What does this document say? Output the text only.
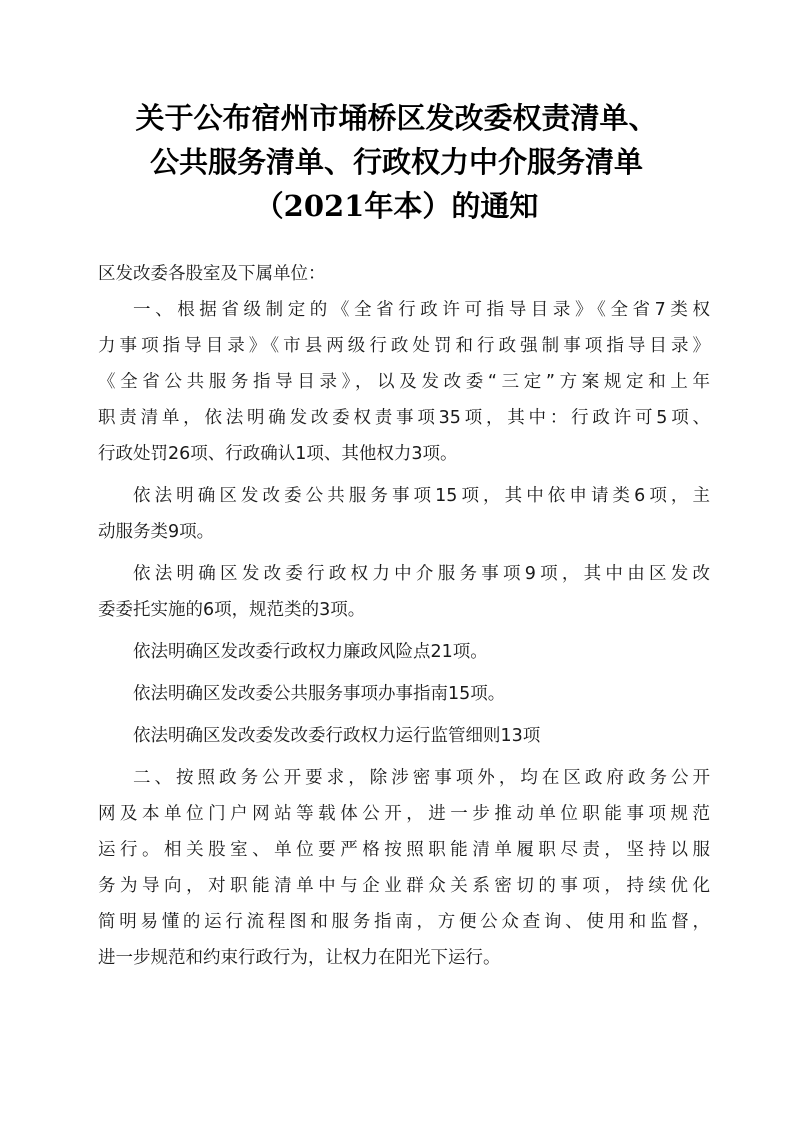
关于公布宿州市埇桥区发改委权责清单、
公共服务清单、行政权力中介服务清单
（2021年本）的通知
区发改委各股室及下属单位：
一、根据省级制定的《全省行政许可指导目录》《全省7类权
力事项指导目录》《市县两级行政处罚和行政强制事项指导目录》
《全省公共服务指导目录》，以及发改委“三定”方案规定和上年
职责清单，依法明确发改委权责事项35项，其中：行政许可5项、
行政处罚26项、行政确认1项、其他权力3项。
依法明确区发改委公共服务事项15项，其中依申请类6项，主
动服务类9项。
依法明确区发改委行政权力中介服务事项9项，其中由区发改
委委托实施的6项，规范类的3项。
依法明确区发改委行政权力廉政风险点21项。
依法明确区发改委公共服务事项办事指南15项。
依法明确区发改委发改委行政权力运行监管细则13项
二、按照政务公开要求，除涉密事项外，均在区政府政务公开
网及本单位门户网站等载体公开，进一步推动单位职能事项规范
运行。相关股室、单位要严格按照职能清单履职尽责，坚持以服
务为导向，对职能清单中与企业群众关系密切的事项，持续优化
简明易懂的运行流程图和服务指南，方便公众查询、使用和监督，
进一步规范和约束行政行为，让权力在阳光下运行。
